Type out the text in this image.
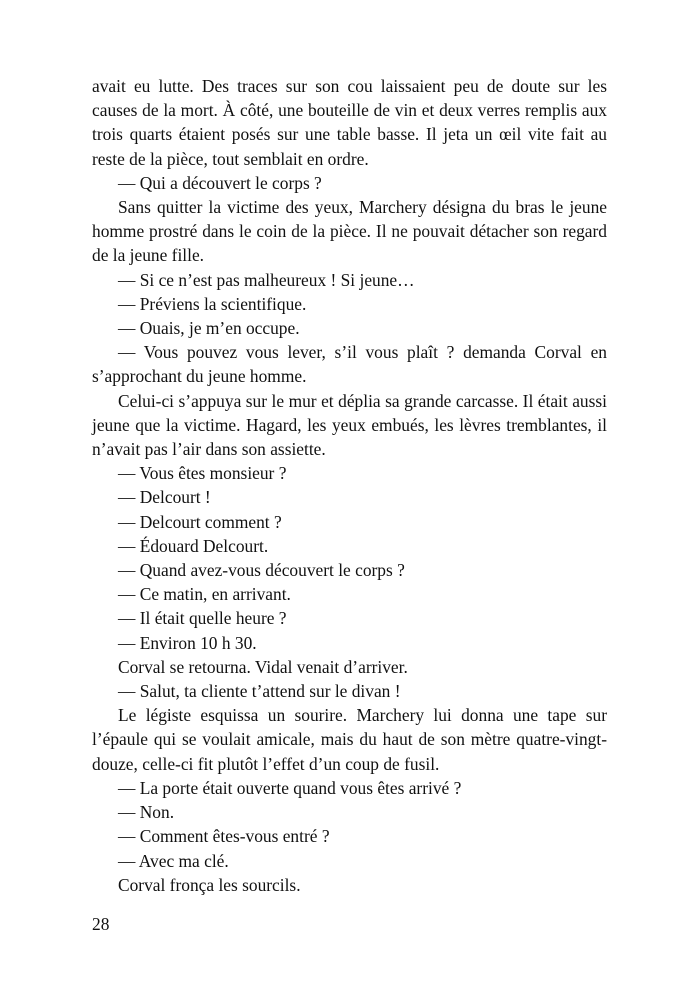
avait eu lutte. Des traces sur son cou laissaient peu de doute sur les causes de la mort. À côté, une bouteille de vin et deux verres remplis aux trois quarts étaient posés sur une table basse. Il jeta un œil vite fait au reste de la pièce, tout semblait en ordre.

— Qui a découvert le corps ?

Sans quitter la victime des yeux, Marchery désigna du bras le jeune homme prostré dans le coin de la pièce. Il ne pouvait détacher son regard de la jeune fille.

— Si ce n’est pas malheureux ! Si jeune…

— Préviens la scientifique.

— Ouais, je m’en occupe.

— Vous pouvez vous lever, s’il vous plaît ? demanda Corval en s’approchant du jeune homme.

Celui-ci s’appuya sur le mur et déplia sa grande carcasse. Il était aussi jeune que la victime. Hagard, les yeux embués, les lèvres tremblantes, il n’avait pas l’air dans son assiette.

— Vous êtes monsieur ?

— Delcourt !

— Delcourt comment ?

— Édouard Delcourt.

— Quand avez-vous découvert le corps ?

— Ce matin, en arrivant.

— Il était quelle heure ?

— Environ 10 h 30.

Corval se retourna. Vidal venait d’arriver.

— Salut, ta cliente t’attend sur le divan !

Le légiste esquissa un sourire. Marchery lui donna une tape sur l’épaule qui se voulait amicale, mais du haut de son mètre quatre-vingt-douze, celle-ci fit plutôt l’effet d’un coup de fusil.

— La porte était ouverte quand vous êtes arrivé ?

— Non.

— Comment êtes-vous entré ?

— Avec ma clé.

Corval fronça les sourcils.

28
